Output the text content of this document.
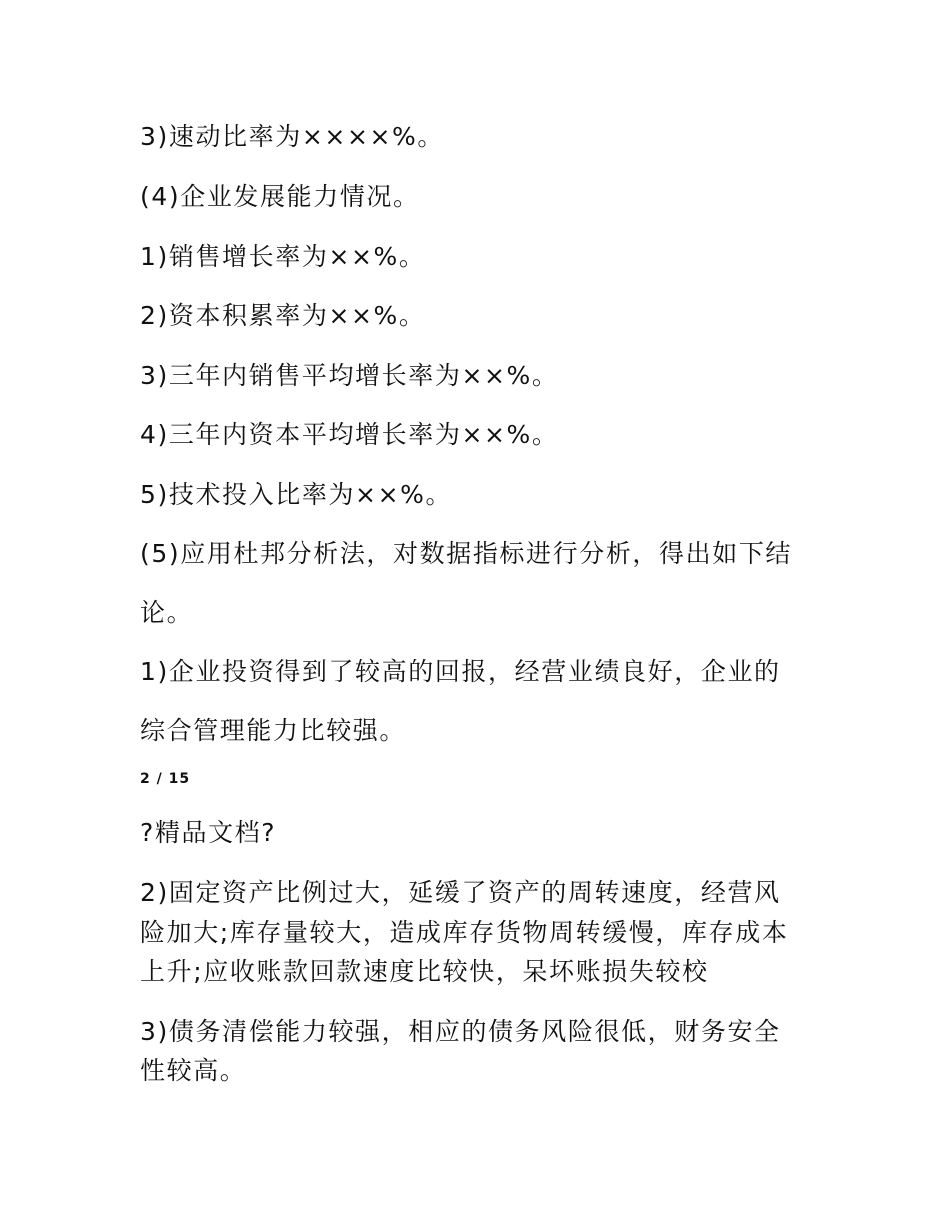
3)速动比率为××××%。
(4)企业发展能力情况。
1)销售增长率为××%。
2)资本积累率为××%。
3)三年内销售平均增长率为××%。
4)三年内资本平均增长率为××%。
5)技术投入比率为××%。
(5)应用杜邦分析法，对数据指标进行分析，得出如下结
论。
1)企业投资得到了较高的回报，经营业绩良好，企业的
综合管理能力比较强。
2 / 15
?精品文档?
2)固定资产比例过大，延缓了资产的周转速度，经营风
险加大;库存量较大，造成库存货物周转缓慢，库存成本
上升;应收账款回款速度比较快，呆坏账损失较校
3)债务清偿能力较强，相应的债务风险很低，财务安全
性较高。
